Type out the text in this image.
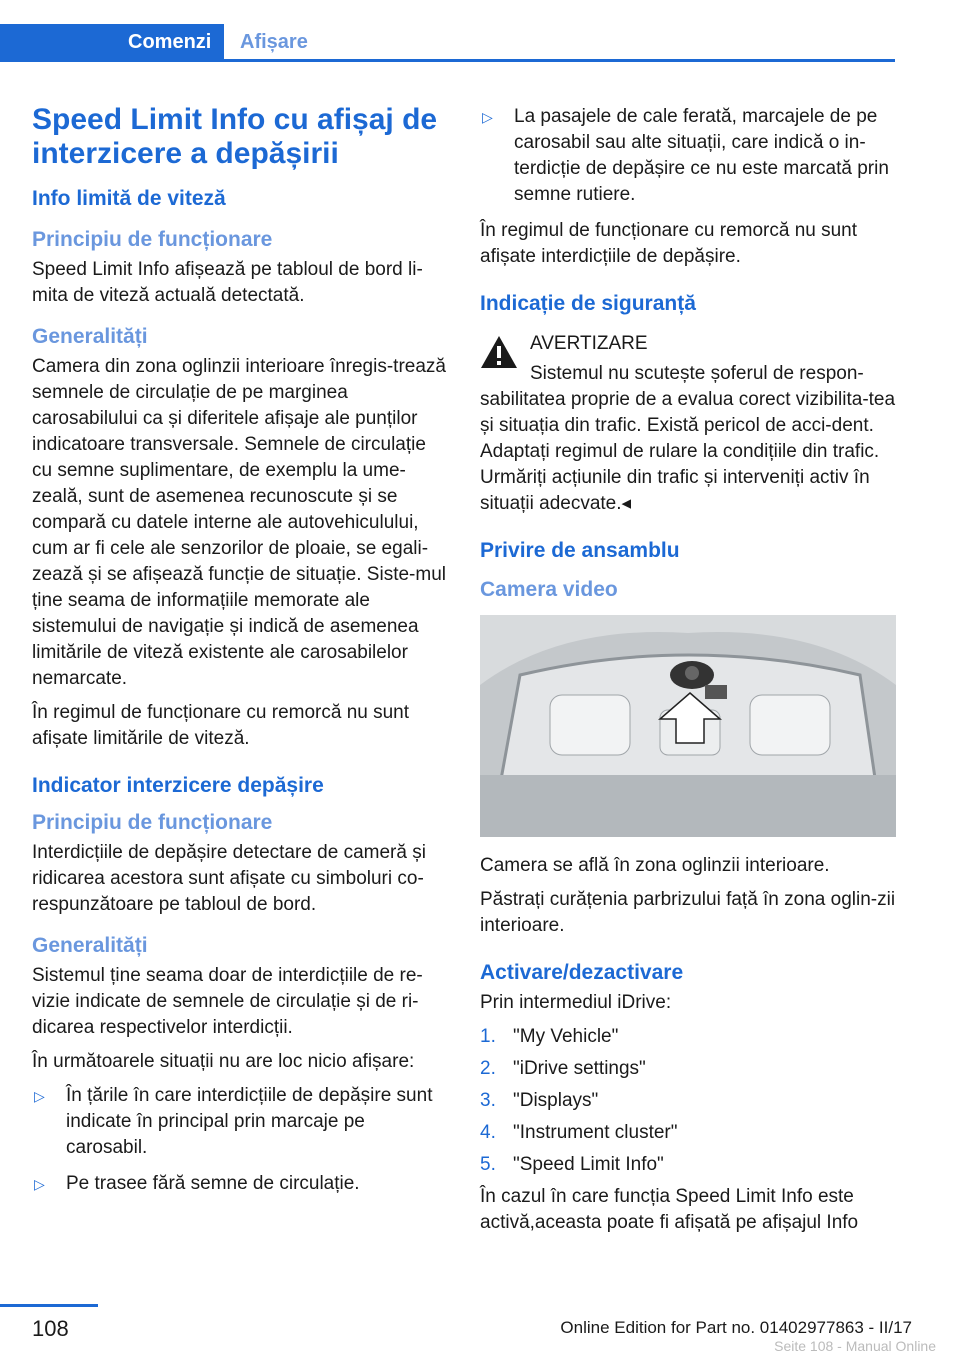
Comenzi	Afișare
Speed Limit Info cu afișaj de interzicere a depășirii
Info limită de viteză
Principiu de funcționare

Speed Limit Info afișează pe tabloul de bord li‐mita de viteză actuală detectată.

Generalități

Camera din zona oglinzii interioare înregis‐trează semnele de circulație de pe marginea carosabilului ca și diferitele afișaje ale punților indicatoare transversale. Semnele de circulație cu semne suplimentare, de exemplu la ume‐zeală, sunt de asemenea recunoscute și se compară cu datele interne ale autovehiculului, cum ar fi cele ale senzorilor de ploaie, se egali‐zează și se afișează funcție de situație. Siste‐mul ține seama de informațiile memorate ale sistemului de navigație și indică de asemenea limitările de viteză existente ale carosabilelor nemarcate.

În regimul de funcționare cu remorcă nu sunt afișate limitările de viteză.

Indicator interzicere depășire
Principiu de funcționare

Interdicțiile de depășire detectare de cameră și ridicarea acestora sunt afișate cu simboluri co‐respunzătoare pe tabloul de bord.

Generalități

Sistemul ține seama doar de interdicțiile de re‐vizie indicate de semnele de circulație și de ri‐dicarea respectivelor interdicții.

În următoarele situații nu are loc nicio afișare:

▷
În țările în care interdicțiile de depășire sunt indicate în principal prin marcaje pe carosabil.
▷
Pe trasee fără semne de circulație.
▷
La pasajele de cale ferată, marcajele de pe carosabil sau alte situații, care indică o in‐terdicție de depășire ce nu este marcată prin semne rutiere.

În regimul de funcționare cu remorcă nu sunt afișate interdicțiile de depășire.

Indicație de siguranță
AVERTIZARE
Sistemul nu scutește șoferul de respon‐sabilitatea proprie de a evalua corect vizibilita‐tea și situația din trafic. Există pericol de acci‐dent. Adaptați regimul de rulare la condițiile din trafic. Urmăriți acțiunile din trafic și interveniți activ în situații adecvate.◂
Privire de ansamblu
Camera video

Camera se află în zona oglinzii interioare.

Păstrați curățenia parbrizului față în zona oglin‐zii interioare.

Activare/dezactivare

Prin intermediul iDrive:

1. "My Vehicle"
2. "iDrive settings"
3. "Displays"
4. "Instrument cluster"
5. "Speed Limit Info"

În cazul în care funcția Speed Limit Info este activă,aceasta poate fi afișată pe afișajul Info

108	Online Edition for Part no. 01402977863 - II/17
Seite 108 - Manual Online
